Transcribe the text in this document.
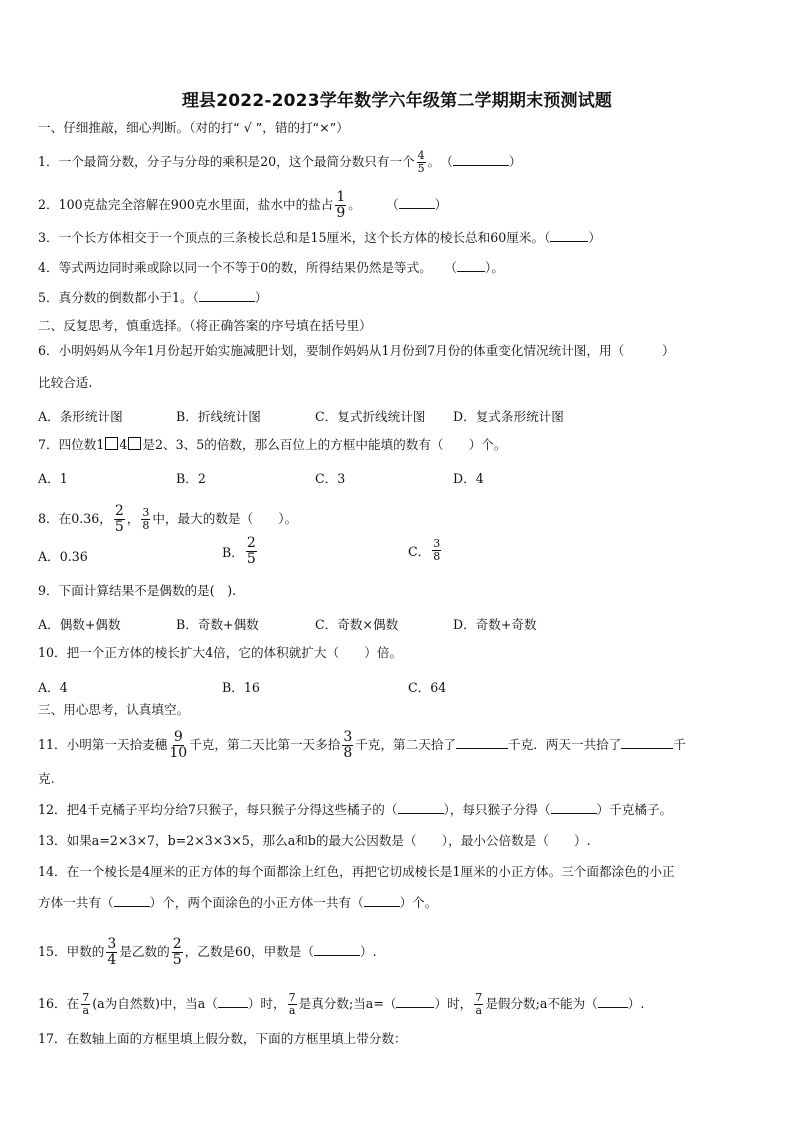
理县2022-2023学年数学六年级第二学期期末预测试题
一、仔细推敲，细心判断。（对的打“ √ ”，错的打“×”）
1．一个最简分数，分子与分母的乘积是20，这个最简分数只有一个 $\frac{4}{5}$ 。　（	）
2．100克盐完全溶解在900克水里面，盐水中的盐占 $\frac{1}{9}$ 。　　　（	）
3．一个长方体相交于一个顶点的三条棱长总和是15厘米，这个长方体的棱长总和60厘米。（	）
4．等式两边同时乘或除以同一个不等于0的数，所得结果仍然是等式。　　（ ）。
5．真分数的倒数都小于1。（	）
二、反复思考，慎重选择。（将正确答案的序号填在括号里）
6．小明妈妈从今年1月份起开始实施减肥计划，要制作妈妈从1月份到7月份的体重变化情况统计图，用（　　　）
比较合适.
A．条形统计图	B．折线统计图	C．复式折线统计图 D．复式条形统计图
7．四位数1 4 是2、3、5的倍数，那么百位上的方框中能填的数有（　　）个。
A．1	B．2	C．3	D．4
8．在0.36， $\frac{2}{5}$ ， $\frac{3}{8}$ 中，最大的数是（　　）。
A．0.36	B． $\frac{2}{5}$	C． $\frac{3}{8}$
9．下面计算结果不是偶数的是(　).
A．偶数+偶数	B．奇数+偶数	C．奇数×偶数	D．奇数+奇数
10．把一个正方体的棱长扩大4倍，它的体积就扩大（　　）倍。
A．4	B．16	C．64
三、用心思考，认真填空。
11．小明第一天拾麦穗 $\frac{9}{10}$ 千克，第二天比第一天多拾 $\frac{3}{8}$ 千克，第二天拾了	千克．两天一共拾了	千
克.
12．把4千克橘子平均分给7只猴子，每只猴子分得这些橘子的（	），每只猴子分得（	）千克橘子。
13．如果a=2×3×7，b=2×3×3×5，那么a和b的最大公因数是（　　），最小公倍数是（　　）.
14．在一个棱长是4厘米的正方体的每个面都涂上红色，再把它切成棱长是1厘米的小正方体。三个面都涂色的小正
方体一共有（	）个，两个面涂色的小正方体一共有（	）个。
15．甲数的 $\frac{3}{4}$ 是乙数的 $\frac{2}{5}$ ，乙数是60，甲数是（	）.
16．在 $\frac{7}{a} (a$为自然数)中，当a（ ）时， $\frac{7}{a}$ 是真分数;当a=（	）时， $\frac{7}{a}$ 是假分数;a不能为（ ）.
17．在数轴上面的方框里填上假分数，下面的方框里填上带分数：
